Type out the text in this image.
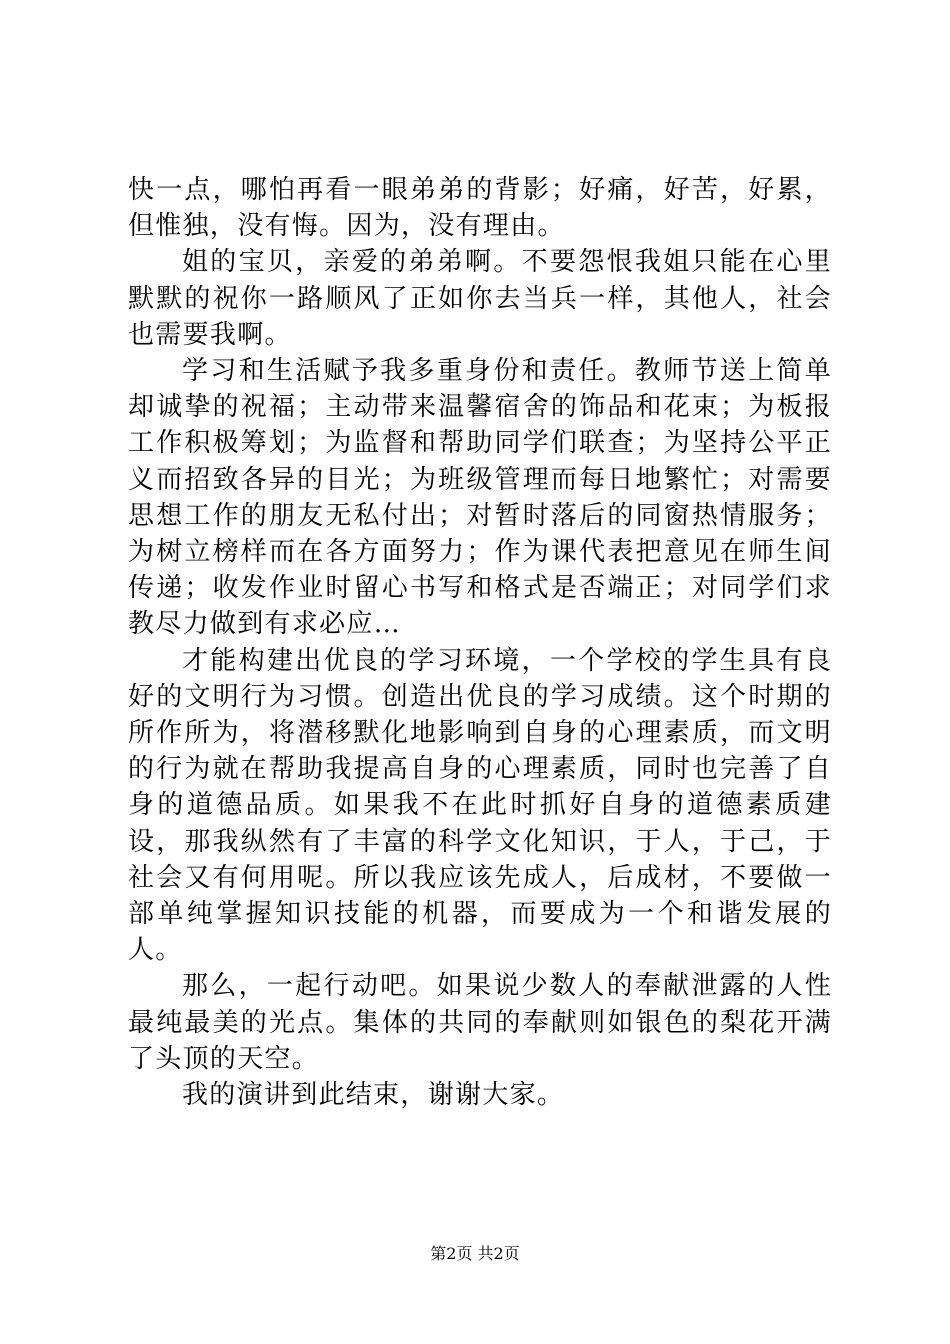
快一点，哪怕再看一眼弟弟的背影；好痛，好苦，好累，但惟独，没有悔。因为，没有理由。

姐的宝贝，亲爱的弟弟啊。不要怨恨我姐只能在心里默默的祝你一路顺风了正如你去当兵一样，其他人，社会也需要我啊。

学习和生活赋予我多重身份和责任。教师节送上简单却诚挚的祝福；主动带来温馨宿舍的饰品和花束；为板报工作积极筹划；为监督和帮助同学们联查；为坚持公平正义而招致各异的目光；为班级管理而每日地繁忙；对需要思想工作的朋友无私付出；对暂时落后的同窗热情服务；为树立榜样而在各方面努力；作为课代表把意见在师生间传递；收发作业时留心书写和格式是否端正；对同学们求教尽力做到有求必应…

才能构建出优良的学习环境，一个学校的学生具有良好的文明行为习惯。创造出优良的学习成绩。这个时期的所作所为，将潜移默化地影响到自身的心理素质，而文明的行为就在帮助我提高自身的心理素质，同时也完善了自身的道德品质。如果我不在此时抓好自身的道德素质建设，那我纵然有了丰富的科学文化知识，于人，于己，于社会又有何用呢。所以我应该先成人，后成材，不要做一部单纯掌握知识技能的机器，而要成为一个和谐发展的人。

那么，一起行动吧。如果说少数人的奉献泄露的人性最纯最美的光点。集体的共同的奉献则如银色的梨花开满了头顶的天空。

我的演讲到此结束，谢谢大家。

第2页 共2页
